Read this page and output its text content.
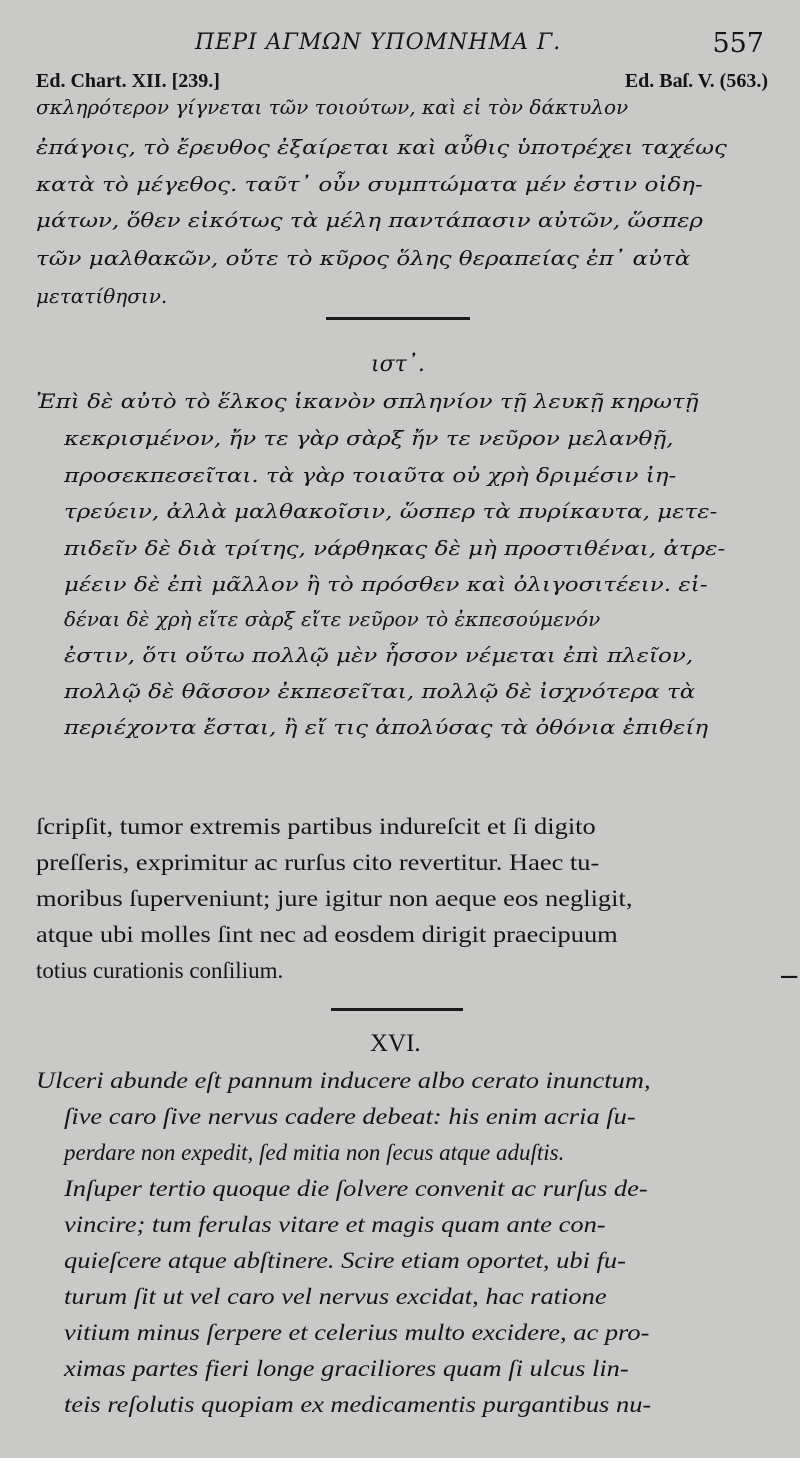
ΠΕΡΙ ΑΓΜΩΝ ΥΠΟΜΝΗΜΑ Γ.	557
Ed. Chart. XII. [239.]	Ed. Baſ. V. (563.)
σκληρότερον γίγνεται τῶν τοιούτων, καὶ εἰ τὸν δάκτυλον
ἐπάγοις, τὸ ἔρευθος ἐξαίρεται καὶ αὖθις ὑποτρέχει ταχέως
κατὰ τὸ μέγεθος. ταῦτ᾽ οὖν συμπτώματα μέν ἐστιν οἰδη-
μάτων, ὅθεν εἰκότως τὰ μέλη παντάπασιν αὐτῶν, ὥσπερ
τῶν μαλθακῶν, οὔτε τὸ κῦρος ὅλης θεραπείας ἐπ᾽ αὐτὰ
μετατίθησιν.
ιστ᾽.
Ἐπὶ δὲ αὐτὸ τὸ ἕλκος ἱκανὸν σπληνίον τῇ λευκῇ κηρωτῇ
κεκρισμένον, ἤν τε γὰρ σὰρξ ἤν τε νεῦρον μελανθῇ,
προσεκπεσεῖται. τὰ γὰρ τοιαῦτα οὐ χρὴ δριμέσιν ἰη-
τρεύειν, ἀλλὰ μαλθακοῖσιν, ὥσπερ τὰ πυρίκαυτα, μετε-
πιδεῖν δὲ διὰ τρίτης, νάρθηκας δὲ μὴ προστιθέναι, ἀτρε-
μέειν δὲ ἐπὶ μᾶλλον ἢ τὸ πρόσθεν καὶ ὀλιγοσιτέειν. εἰ-
δέναι δὲ χρὴ εἴτε σὰρξ εἴτε νεῦρον τὸ ἐκπεσούμενόν
ἐστιν, ὅτι οὕτω πολλῷ μὲν ἧσσον νέμεται ἐπὶ πλεῖον,
πολλῷ δὲ θᾶσσον ἐκπεσεῖται, πολλῷ δὲ ἰσχνότερα τὰ
περιέχοντα ἔσται, ἢ εἴ τις ἀπολύσας τὰ ὀθόνια ἐπιθείη
ſcripſit, tumor extremis partibus indureſcit et ſi digito
preſſeris, exprimitur ac rurſus cito revertitur. Haec tu-
moribus ſuperveniunt; jure igitur non aeque eos negligit,
atque ubi molles ſint nec ad eosdem dirigit praecipuum
totius curationis conſilium.	−
XVI.
Ulceri abunde eſt pannum inducere albo cerato inunctum,
ſive caro ſive nervus cadere debeat: his enim acria ſu-
perdare non expedit, ſed mitia non ſecus atque aduſtis.
Inſuper tertio quoque die ſolvere convenit ac rurſus de-
vincire; tum ferulas vitare et magis quam ante con-
quieſcere atque abſtinere. Scire etiam oportet, ubi fu-
turum ſit ut vel caro vel nervus excidat, hac ratione
vitium minus ſerpere et celerius multo excidere, ac pro-
ximas partes fieri longe graciliores quam ſi ulcus lin-
teis reſolutis quopiam ex medicamentis purgantibus nu-
